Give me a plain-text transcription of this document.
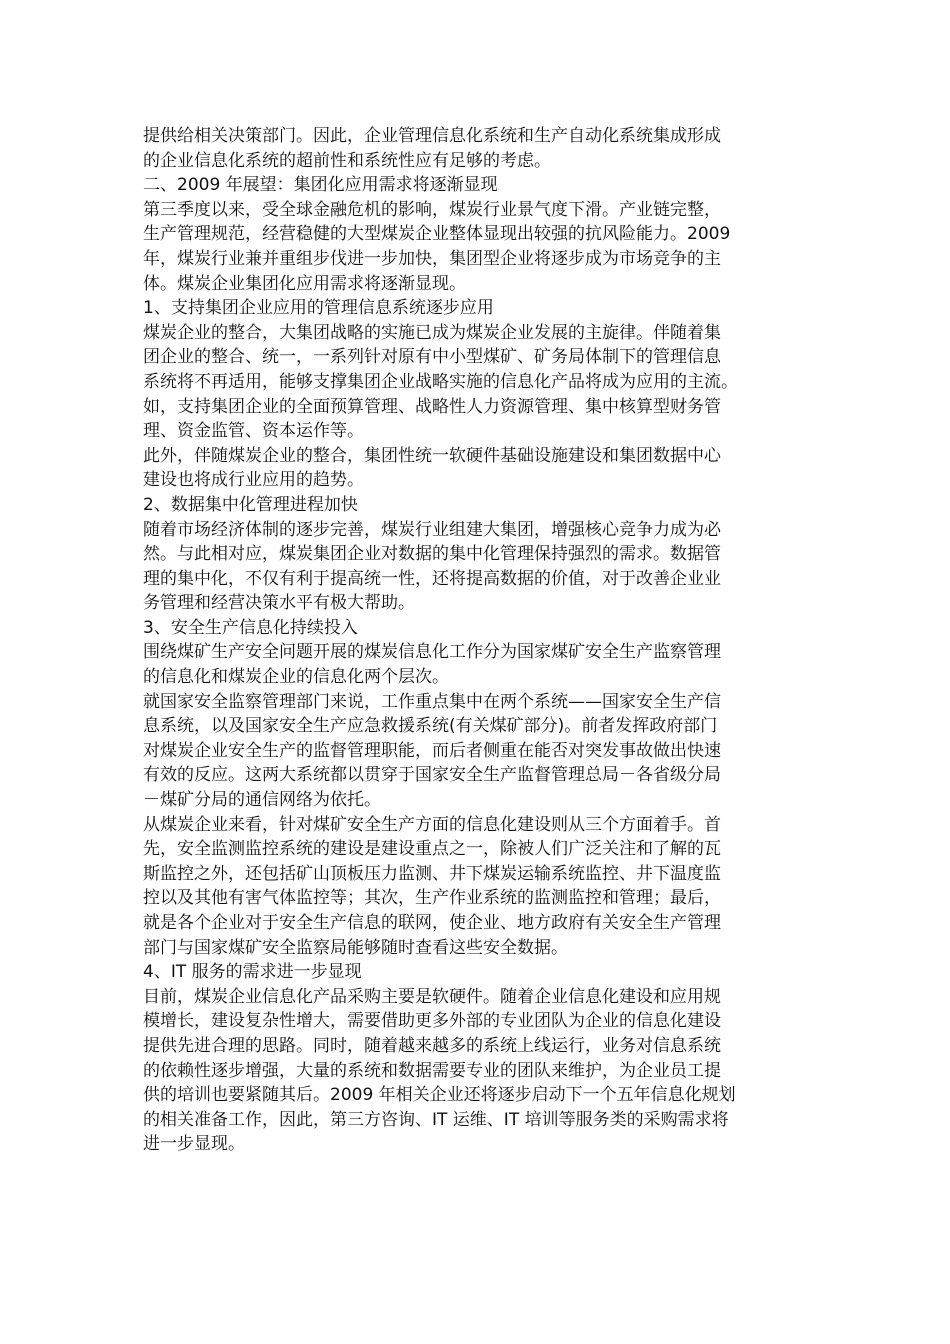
提供给相关决策部门。因此，企业管理信息化系统和生产自动化系统集成形成
的企业信息化系统的超前性和系统性应有足够的考虑。
二、2009 年展望：集团化应用需求将逐渐显现
第三季度以来，受全球金融危机的影响，煤炭行业景气度下滑。产业链完整，
生产管理规范，经营稳健的大型煤炭企业整体显现出较强的抗风险能力。2009
年，煤炭行业兼并重组步伐进一步加快，集团型企业将逐步成为市场竞争的主
体。煤炭企业集团化应用需求将逐渐显现。
1、支持集团企业应用的管理信息系统逐步应用
煤炭企业的整合，大集团战略的实施已成为煤炭企业发展的主旋律。伴随着集
团企业的整合、统一，一系列针对原有中小型煤矿、矿务局体制下的管理信息
系统将不再适用，能够支撑集团企业战略实施的信息化产品将成为应用的主流。
如，支持集团企业的全面预算管理、战略性人力资源管理、集中核算型财务管
理、资金监管、资本运作等。
此外，伴随煤炭企业的整合，集团性统一软硬件基础设施建设和集团数据中心
建设也将成行业应用的趋势。
2、数据集中化管理进程加快
随着市场经济体制的逐步完善，煤炭行业组建大集团，增强核心竞争力成为必
然。与此相对应，煤炭集团企业对数据的集中化管理保持强烈的需求。数据管
理的集中化，不仅有利于提高统一性，还将提高数据的价值，对于改善企业业
务管理和经营决策水平有极大帮助。
3、安全生产信息化持续投入
围绕煤矿生产安全问题开展的煤炭信息化工作分为国家煤矿安全生产监察管理
的信息化和煤炭企业的信息化两个层次。
就国家安全监察管理部门来说，工作重点集中在两个系统——国家安全生产信
息系统，以及国家安全生产应急救援系统(有关煤矿部分)。前者发挥政府部门
对煤炭企业安全生产的监督管理职能，而后者侧重在能否对突发事故做出快速
有效的反应。这两大系统都以贯穿于国家安全生产监督管理总局－各省级分局
－煤矿分局的通信网络为依托。
从煤炭企业来看，针对煤矿安全生产方面的信息化建设则从三个方面着手。首
先，安全监测监控系统的建设是建设重点之一，除被人们广泛关注和了解的瓦
斯监控之外，还包括矿山顶板压力监测、井下煤炭运输系统监控、井下温度监
控以及其他有害气体监控等；其次，生产作业系统的监测监控和管理；最后，
就是各个企业对于安全生产信息的联网，使企业、地方政府有关安全生产管理
部门与国家煤矿安全监察局能够随时查看这些安全数据。
4、IT 服务的需求进一步显现
目前，煤炭企业信息化产品采购主要是软硬件。随着企业信息化建设和应用规
模增长，建设复杂性增大，需要借助更多外部的专业团队为企业的信息化建设
提供先进合理的思路。同时，随着越来越多的系统上线运行，业务对信息系统
的依赖性逐步增强，大量的系统和数据需要专业的团队来维护，为企业员工提
供的培训也要紧随其后。2009 年相关企业还将逐步启动下一个五年信息化规划
的相关准备工作，因此，第三方咨询、IT 运维、IT 培训等服务类的采购需求将
进一步显现。
